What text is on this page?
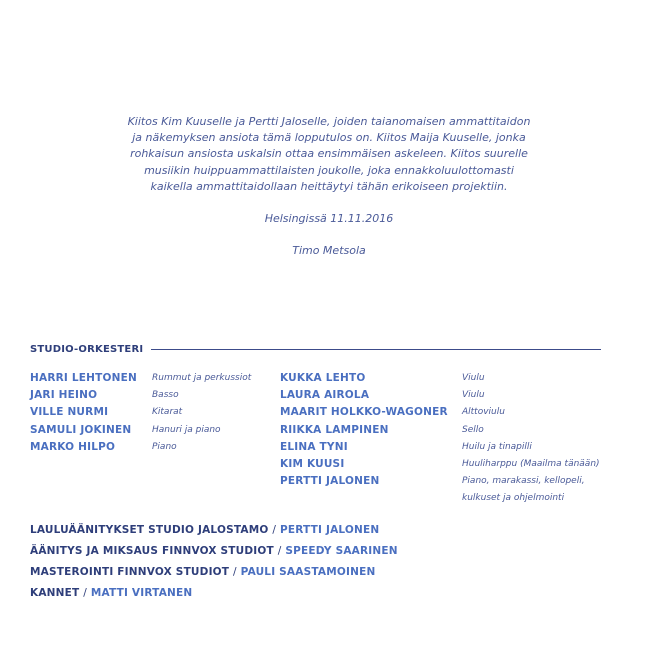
Kiitos Kim Kuuselle ja Pertti Jaloselle, joiden taianomaisen ammattitaidon
ja näkemyksen ansiota tämä lopputulos on. Kiitos Maija Kuuselle, jonka
rohkaisun ansiosta uskalsin ottaa ensimmäisen askeleen. Kiitos suurelle
musiikin huippuammattilaisten joukolle, joka ennakkoluulottomasti
kaikella ammattitaidollaan heittäytyi tähän erikoiseen projektiin.
Helsingissä 11.11.2016
Timo Metsola
STUDIO-ORKESTERI
HARRI LEHTONEN
JARI HEINO
VILLE NURMI
SAMULI JOKINEN
MARKO HILPO
Rummut ja perkussiot
Basso
Kitarat
Hanuri ja piano
Piano
KUKKA LEHTO
LAURA AIROLA
MAARIT HOLKKO-WAGONER
RIIKKA LAMPINEN
ELINA TYNI
KIM KUUSI
PERTTI JALONEN
Viulu
Viulu
Alttoviulu
Sello
Huilu ja tinapilli
Huuliharppu (Maailma tänään)
Piano, marakassi, kellopeli,
kulkuset ja ohjelmointi
LAULUÄÄNITYKSET STUDIO JALOSTAMO / PERTTI JALONEN
ÄÄNITYS JA MIKSAUS FINNVOX STUDIOT / SPEEDY SAARINEN
MASTEROINTI FINNVOX STUDIOT / PAULI SAASTAMOINEN
KANNET / MATTI VIRTANEN
